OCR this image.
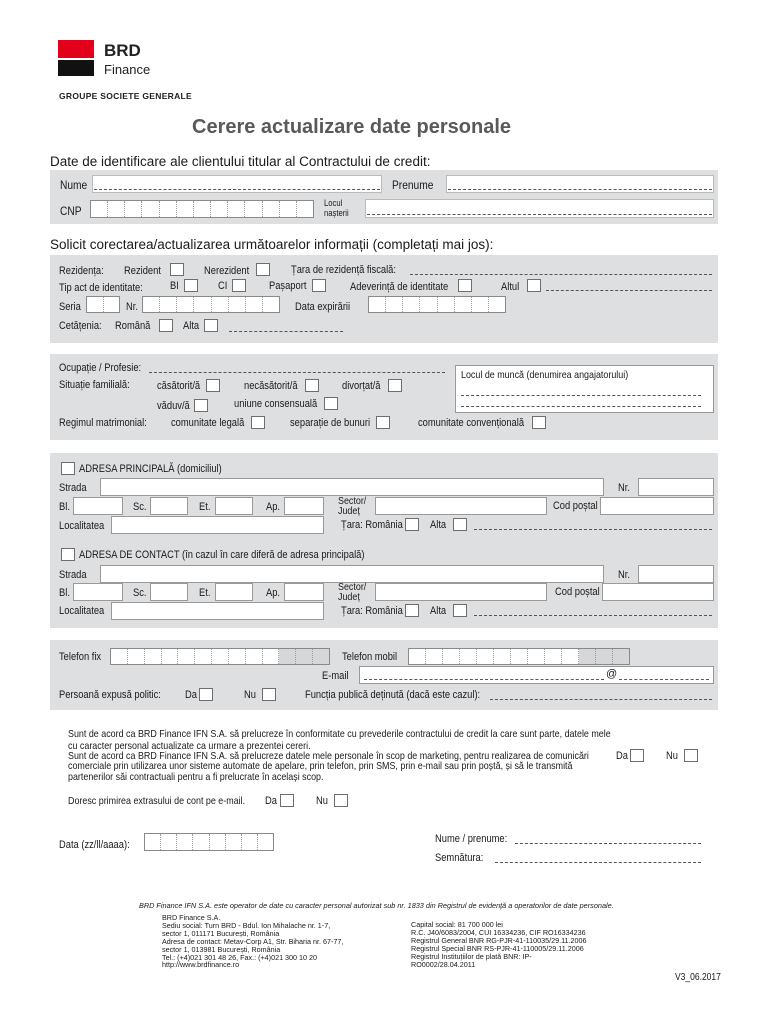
BRD
Finance
GROUPE SOCIETE GENERALE
Cerere actualizare date personale
Date de identificare ale clientului titular al Contractului de credit:
Nume	Prenume
CNP
Locul
nașterii
Solicit corectarea/actualizarea următoarelor informații (completați mai jos):
Rezidența: Rezident	Nerezident	Țara de rezidență fiscală:
Tip act de identitate: BI	CI	Pașaport	Adeverință de identitate	Altul
Seria	Nr.	Data expirării
Cetățenia: Română	Alta
Ocupație / Profesie:
Situație familială: căsătorit/ă	necăsătorit/ă	divorțat/ă
văduv/ă	uniune consensuală
Regimul matrimonial: comunitate legală	separație de bunuri	comunitate convențională
Locul de muncă (denumirea angajatorului)
ADRESA PRINCIPALĂ (domiciliul)
Strada	Nr.
Bl.	Sc.	Et.	Ap.	Sector/
Județ	Cod poștal
Localitatea	Țara: România Alta
ADRESA DE CONTACT (în cazul în care diferă de adresa principală)
Strada	Nr.
Bl.	Sc.	Et.	Ap.	Sector/
Județ	Cod poștal
Localitatea	Țara: România Alta
Telefon fix	Telefon mobil
E-mail	@
Persoană expusă politic: Da	Nu	Funcția publică deținută (dacă este cazul):
Sunt de acord ca BRD Finance IFN S.A. să prelucreze în conformitate cu prevederile contractului de credit la care sunt parte, datele mele
cu caracter personal actualizate ca urmare a prezentei cereri.
Sunt de acord ca BRD Finance IFN S.A. să prelucreze datele mele personale în scop de marketing, pentru realizarea de comunicări
comerciale prin utilizarea unor sisteme automate de apelare, prin telefon, prin SMS, prin e-mail sau prin poștă, și să le transmită
partenerilor săi contractuali pentru a fi prelucrate în același scop.
Da	Nu
Doresc primirea extrasului de cont pe e-mail. Da	Nu
Data (zz/ll/aaaa):	Nume / prenume:
Semnătura:
BRD Finance IFN S.A. este operator de date cu caracter personal autorizat sub nr. 1833 din Registrul de evidență a operatorilor de date personale.
BRD Finance S.A.
Sediu social: Turn BRD - Bdul. Ion Mihalache nr. 1-7,
sector 1, 011171 București, România
Adresa de contact: Metav-Corp A1, Str. Biharia nr. 67-77,
sector 1, 013981 București, România
Tel.: (+4)021 301 48 26, Fax.: (+4)021 300 10 20
http://www.brdfinance.ro
Capital social: 81 700 000 lei
R.C. J40/6083/2004, CUI 16334236, CIF RO16334236
Registrul General BNR RG-PJR-41-110035/29.11.2006
Registrul Special BNR RS-PJR-41-110005/29.11.2006
Registrul Instituțiilor de plată BNR: IP-
RO0002/28.04.2011
V3_06.2017
